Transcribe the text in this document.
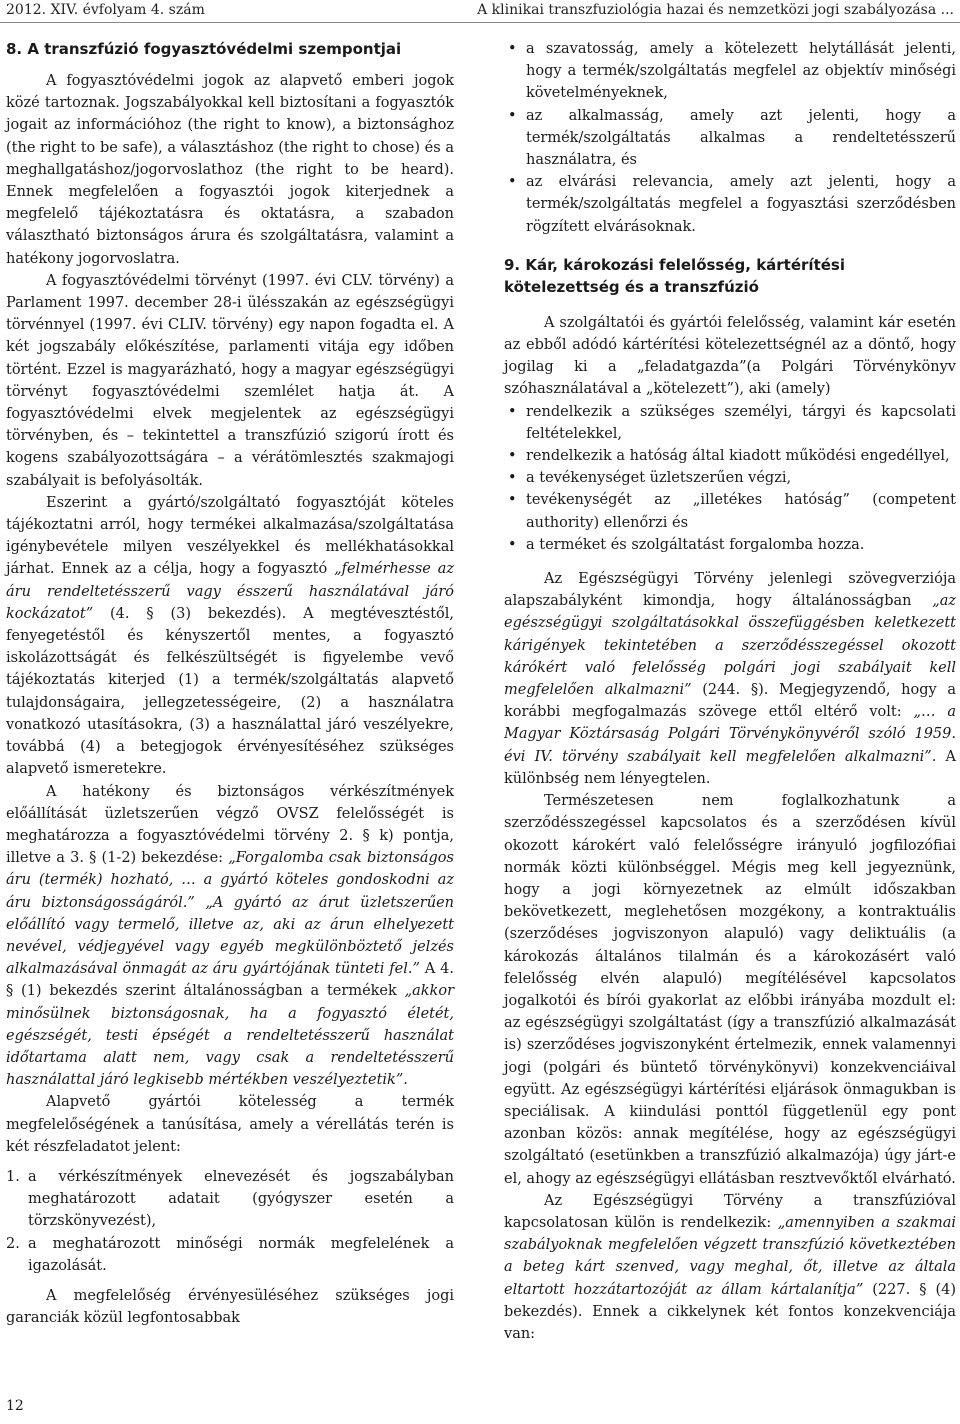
2012. XIV. évfolyam 4. szám	A klinikai transzfuziológia hazai és nemzetközi jogi szabályozása ...
8. A transzfúzió fogyasztóvédelmi szempontjai

A fogyasztóvédelmi jogok az alapvető emberi jogok közé tartoznak. Jogszabályokkal kell biztosítani a fogyasztók jogait az információhoz (the right to know), a biztonsághoz (the right to be safe), a választáshoz (the right to chose) és a meghallgatáshoz/jogorvoslathoz (the right to be heard). Ennek megfelelően a fogyasztói jogok kiterjednek a megfelelő tájékoztatásra és oktatásra, a szabadon választható biztonságos árura és szolgáltatásra, valamint a hatékony jogorvoslatra.

A fogyasztóvédelmi törvényt (1997. évi CLV. törvény) a Parlament 1997. december 28-i ülésszakán az egészségügyi törvénnyel (1997. évi CLIV. törvény) egy napon fogadta el. A két jogszabály előkészítése, parlamenti vitája egy időben történt. Ezzel is magyarázható, hogy a magyar egészségügyi törvényt fogyasztóvédelmi szemlélet hatja át. A fogyasztóvédelmi elvek megjelentek az egészségügyi törvényben, és – tekintettel a transzfúzió szigorú írott és kogens szabályozottságára – a vérátömlesztés szakmajogi szabályait is befolyásolták.

Eszerint a gyártó/szolgáltató fogyasztóját köteles tájékoztatni arról, hogy termékei alkalmazása/szolgáltatása igénybevétele milyen veszélyekkel és mellékhatásokkal járhat. Ennek az a célja, hogy a fogyasztó „felmérhesse az áru rendeltetésszerű vagy ésszerű használatával járó kockázatot” (4. § (3) bekezdés). A megtévesztéstől, fenyegetéstől és kényszertől mentes, a fogyasztó iskolázottságát és felkészültségét is figyelembe vevő tájékoztatás kiterjed (1) a termék/szolgáltatás alapvető tulajdonságaira, jellegzetességeire, (2) a használatra vonatkozó utasításokra, (3) a használattal járó veszélyekre, továbbá (4) a betegjogok érvényesítéséhez szükséges alapvető ismeretekre.

A hatékony és biztonságos vérkészítmények előállítását üzletszerűen végző OVSZ felelősségét is meghatározza a fogyasztóvédelmi törvény 2. § k) pontja, illetve a 3. § (1-2) bekezdése: „Forgalomba csak biztonságos áru (termék) hozható, … a gyártó köteles gondoskodni az áru biztonságosságáról.” „A gyártó az árut üzletszerűen előállító vagy termelő, illetve az, aki az árun elhelyezett nevével, védjegyével vagy egyéb megkülönböztető jelzés alkalmazásával önmagát az áru gyártójának tünteti fel.” A 4. § (1) bekezdés szerint általánosságban a termékek „akkor minősülnek biztonságosnak, ha a fogyasztó életét, egészségét, testi épségét a rendeltetésszerű használat időtartama alatt nem, vagy csak a rendeltetésszerű használattal járó legkisebb mértékben veszélyeztetik”.

Alapvető gyártói kötelesség a termék megfelelőségének a tanúsítása, amely a vérellátás terén is két részfeladatot jelent:

1. a vérkészítmények elnevezését és jogszabályban meghatározott adatait (gyógyszer esetén a törzskönyvezést),
2. a meghatározott minőségi normák megfelelének a igazolását.

A megfelelőség érvényesüléséhez szükséges jogi garanciák közül legfontosabbak

• a szavatosság, amely a kötelezett helytállását jelenti, hogy a termék/szolgáltatás megfelel az objektív minőségi követelményeknek,
• az alkalmasság, amely azt jelenti, hogy a termék/szolgáltatás alkalmas a rendeltetésszerű használatra, és
• az elvárási relevancia, amely azt jelenti, hogy a termék/szolgáltatás megfelel a fogyasztási szerződésben rögzített elvárásoknak.
9. Kár, károkozási felelősség, kártérítési kötelezettség és a transzfúzió

A szolgáltatói és gyártói felelősség, valamint kár esetén az ebből adódó kártérítési kötelezettségnél az a döntő, hogy jogilag ki a „feladatgazda”(a Polgári Törvénykönyv szóhasználatával a „kötelezett”), aki (amely)

• rendelkezik a szükséges személyi, tárgyi és kapcsolati feltételekkel,
• rendelkezik a hatóság által kiadott működési engedéllyel,
• a tevékenységet üzletszerűen végzi,
• tevékenységét az „illetékes hatóság” (competent authority) ellenőrzi és
• a terméket és szolgáltatást forgalomba hozza.

Az Egészségügyi Törvény jelenlegi szövegverziója alapszabályként kimondja, hogy általánosságban „az egészségügyi szolgáltatásokkal összefüggésben keletkezett kárigények tekintetében a szerződésszegéssel okozott kárókért való felelősség polgári jogi szabályait kell megfelelően alkalmazni” (244. §). Megjegyzendő, hogy a korábbi megfogalmazás szövege ettől eltérő volt: „… a Magyar Köztársaság Polgári Törvénykönyvéről szóló 1959. évi IV. törvény szabályait kell megfelelően alkalmazni”. A különbség nem lényegtelen.

Természetesen nem foglalkozhatunk a szerződésszegéssel kapcsolatos és a szerződésen kívül okozott károkért való felelősségre irányuló jogfilozófiai normák közti különbséggel. Mégis meg kell jegyeznünk, hogy a jogi környezetnek az elmúlt időszakban bekövetkezett, meglehetősen mozgékony, a kontraktuális (szerződéses jogviszonyon alapuló) vagy deliktuális (a károkozás általános tilalmán és a károkozásért való felelősség elvén alapuló) megítélésével kapcsolatos jogalkotói és bírói gyakorlat az előbbi irányába mozdult el: az egészségügyi szolgáltatást (így a transzfúzió alkalmazását is) szerződéses jogviszonyként értelmezik, ennek valamennyi jogi (polgári és büntető törvénykönyvi) konzekvenciáival együtt. Az egészségügyi kártérítési eljárások önmagukban is speciálisak. A kiindulási ponttól függetlenül egy pont azonban közös: annak megítélése, hogy az egészségügyi szolgáltató (esetünkben a transzfúzió alkalmazója) úgy járt-e el, ahogy az egészségügyi ellátásban resztvevőktől elvárható.

Az Egészségügyi Törvény a transzfúzióval kapcsolatosan külön is rendelkezik: „amennyiben a szakmai szabályoknak megfelelően végzett transzfúzió következtében a beteg kárt szenved, vagy meghal, őt, illetve az általa eltartott hozzátartozóját az állam kártalanítja” (227. § (4) bekezdés). Ennek a cikkelynek két fontos konzekvenciája van:

12
